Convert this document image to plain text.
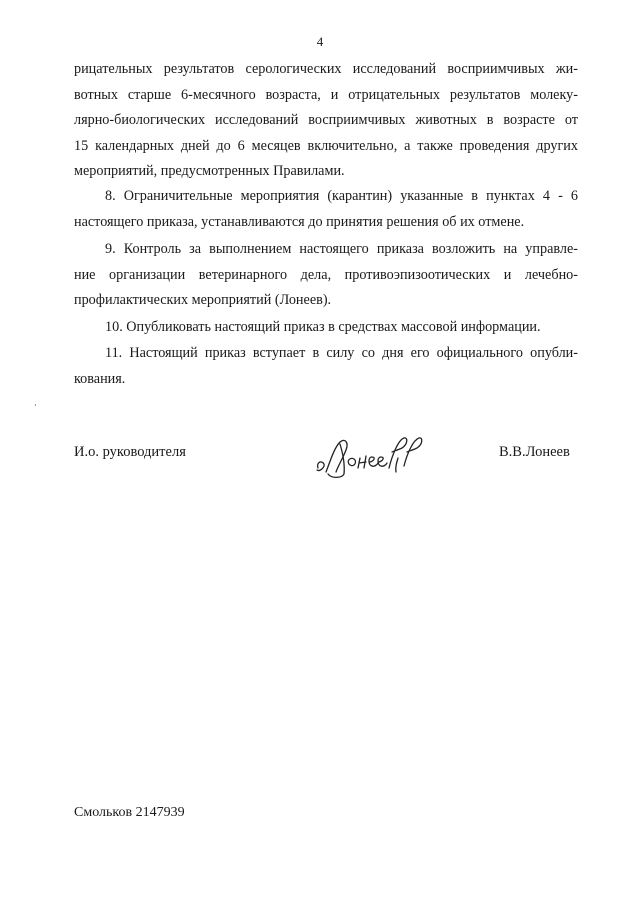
4
рицательных результатов серологических исследований восприимчивых жи-
вотных старше 6-месячного возраста, и отрицательных результатов молеку-
лярно-биологических исследований восприимчивых животных в возрасте от
15 календарных дней до 6 месяцев включительно, а также проведения других
мероприятий, предусмотренных Правилами.
8. Ограничительные мероприятия (карантин) указанные в пунктах 4 - 6
настоящего приказа, устанавливаются до принятия решения об их отмене.
9. Контроль за выполнением настоящего приказа возложить на управле-
ние организации ветеринарного дела, противоэпизоотических и лечебно-
профилактических мероприятий (Лонеев).
10. Опубликовать настоящий приказ в средствах массовой информации.
11. Настоящий приказ вступает в силу со дня его официального опубли-
кования.
И.о. руководителя	В.В.Лонеев
Смольков 2147939
